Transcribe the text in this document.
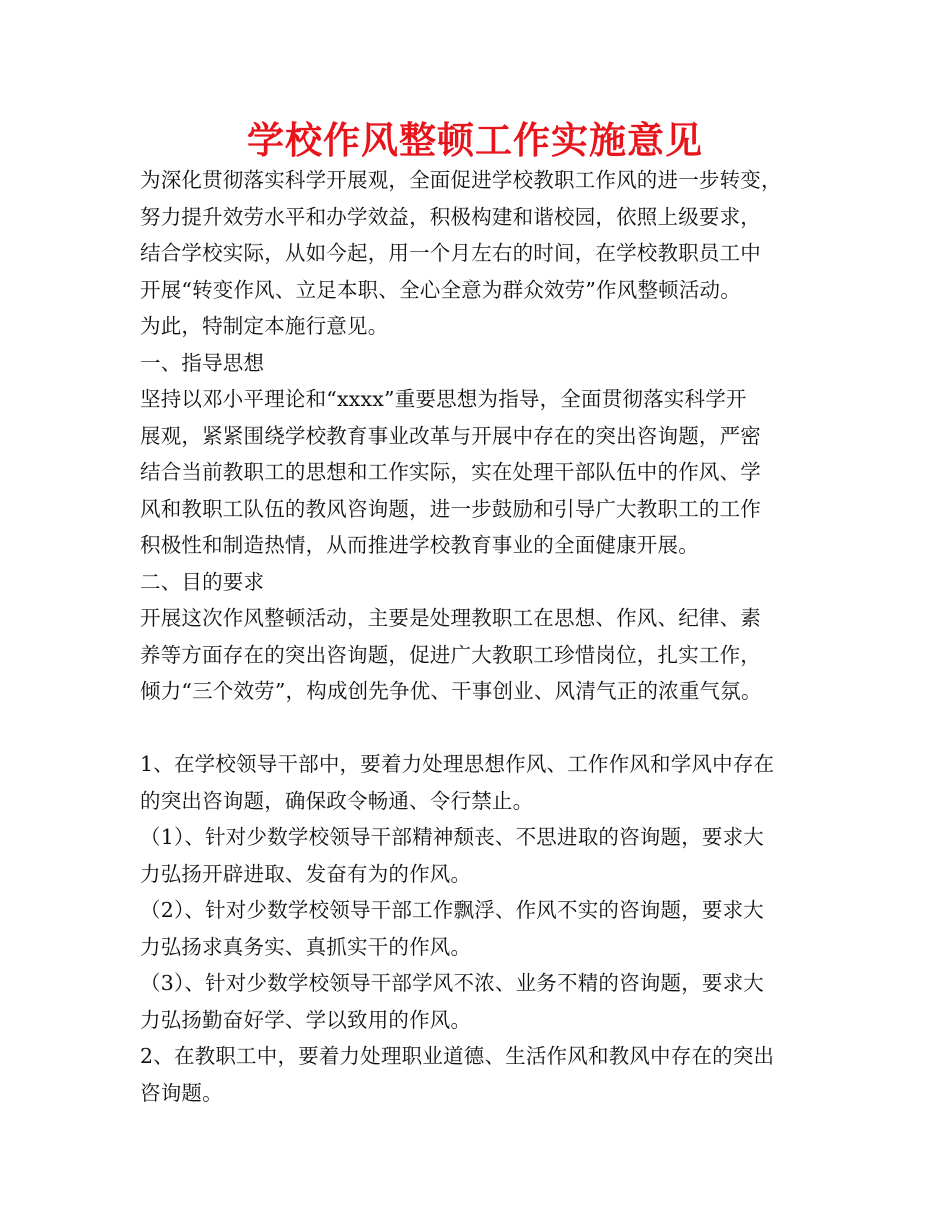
学校作风整顿工作实施意见
为深化贯彻落实科学开展观，全面促进学校教职工作风的进一步转变，
努力提升效劳水平和办学效益，积极构建和谐校园，依照上级要求，
结合学校实际，从如今起，用一个月左右的时间，在学校教职员工中
开展“转变作风、立足本职、全心全意为群众效劳”作风整顿活动。
为此，特制定本施行意见。
一、指导思想
坚持以邓小平理论和“xxxx”重要思想为指导，全面贯彻落实科学开
展观，紧紧围绕学校教育事业改革与开展中存在的突出咨询题，严密
结合当前教职工的思想和工作实际，实在处理干部队伍中的作风、学
风和教职工队伍的教风咨询题，进一步鼓励和引导广大教职工的工作
积极性和制造热情，从而推进学校教育事业的全面健康开展。
二、目的要求
开展这次作风整顿活动，主要是处理教职工在思想、作风、纪律、素
养等方面存在的突出咨询题，促进广大教职工珍惜岗位，扎实工作，
倾力“三个效劳”，构成创先争优、干事创业、风清气正的浓重气氛。
1、在学校领导干部中，要着力处理思想作风、工作作风和学风中存在
的突出咨询题，确保政令畅通、令行禁止。
（1）、针对少数学校领导干部精神颓丧、不思进取的咨询题，要求大
力弘扬开辟进取、发奋有为的作风。
（2）、针对少数学校领导干部工作飘浮、作风不实的咨询题，要求大
力弘扬求真务实、真抓实干的作风。
（3）、针对少数学校领导干部学风不浓、业务不精的咨询题，要求大
力弘扬勤奋好学、学以致用的作风。
2、在教职工中，要着力处理职业道德、生活作风和教风中存在的突出
咨询题。
